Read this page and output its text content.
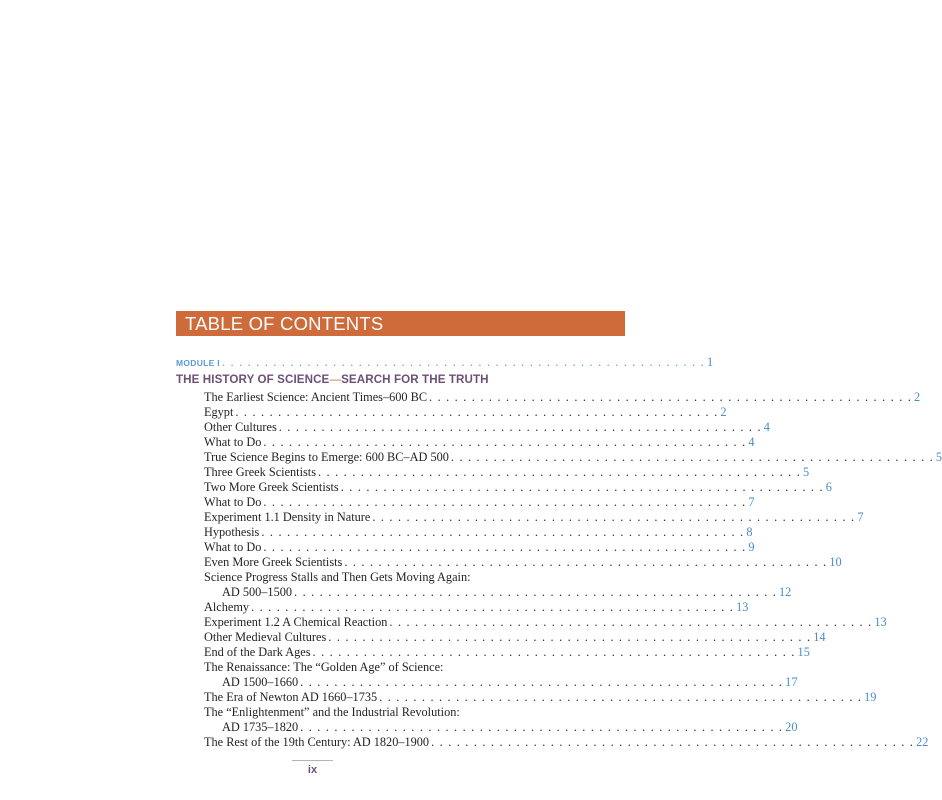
TABLE OF CONTENTS
MODULE I . . . . . . . . . . . . . . . . . . . . . . . . . . . . . . . . . . . . . . . . . . . . . . . . . . . . . . . . . 1
THE HISTORY OF SCIENCE—SEARCH FOR THE TRUTH
The Earliest Science: Ancient Times–600 BC . . . . . . . . . . . . . . . . . . . . . . . . . . . . . . . . . . . . . . . . . . . . . . . . . . . . . . . . . 2
Egypt . . . . . . . . . . . . . . . . . . . . . . . . . . . . . . . . . . . . . . . . . . . . . . . . . . . . . . . . . 2
Other Cultures . . . . . . . . . . . . . . . . . . . . . . . . . . . . . . . . . . . . . . . . . . . . . . . . . . . . . . . . . 4
What to Do . . . . . . . . . . . . . . . . . . . . . . . . . . . . . . . . . . . . . . . . . . . . . . . . . . . . . . . . . 4
True Science Begins to Emerge: 600 BC–AD 500 . . . . . . . . . . . . . . . . . . . . . . . . . . . . . . . . . . . . . . . . . . . . . . . . . . . . . . . . . 5
Three Greek Scientists . . . . . . . . . . . . . . . . . . . . . . . . . . . . . . . . . . . . . . . . . . . . . . . . . . . . . . . . . 5
Two More Greek Scientists . . . . . . . . . . . . . . . . . . . . . . . . . . . . . . . . . . . . . . . . . . . . . . . . . . . . . . . . . 6
What to Do . . . . . . . . . . . . . . . . . . . . . . . . . . . . . . . . . . . . . . . . . . . . . . . . . . . . . . . . . 7
Experiment 1.1 Density in Nature . . . . . . . . . . . . . . . . . . . . . . . . . . . . . . . . . . . . . . . . . . . . . . . . . . . . . . . . . 7
Hypothesis . . . . . . . . . . . . . . . . . . . . . . . . . . . . . . . . . . . . . . . . . . . . . . . . . . . . . . . . . 8
What to Do . . . . . . . . . . . . . . . . . . . . . . . . . . . . . . . . . . . . . . . . . . . . . . . . . . . . . . . . . 9
Even More Greek Scientists . . . . . . . . . . . . . . . . . . . . . . . . . . . . . . . . . . . . . . . . . . . . . . . . . . . . . . . . . 10
Science Progress Stalls and Then Gets Moving Again:
AD 500–1500 . . . . . . . . . . . . . . . . . . . . . . . . . . . . . . . . . . . . . . . . . . . . . . . . . . . . . . . . . 12
Alchemy . . . . . . . . . . . . . . . . . . . . . . . . . . . . . . . . . . . . . . . . . . . . . . . . . . . . . . . . . 13
Experiment 1.2 A Chemical Reaction . . . . . . . . . . . . . . . . . . . . . . . . . . . . . . . . . . . . . . . . . . . . . . . . . . . . . . . . . 13
Other Medieval Cultures . . . . . . . . . . . . . . . . . . . . . . . . . . . . . . . . . . . . . . . . . . . . . . . . . . . . . . . . . 14
End of the Dark Ages . . . . . . . . . . . . . . . . . . . . . . . . . . . . . . . . . . . . . . . . . . . . . . . . . . . . . . . . . 15
The Renaissance: The “Golden Age” of Science:
AD 1500–1660 . . . . . . . . . . . . . . . . . . . . . . . . . . . . . . . . . . . . . . . . . . . . . . . . . . . . . . . . . 17
The Era of Newton AD 1660–1735 . . . . . . . . . . . . . . . . . . . . . . . . . . . . . . . . . . . . . . . . . . . . . . . . . . . . . . . . . 19
The “Enlightenment” and the Industrial Revolution:
AD 1735–1820 . . . . . . . . . . . . . . . . . . . . . . . . . . . . . . . . . . . . . . . . . . . . . . . . . . . . . . . . . 20
The Rest of the 19th Century: AD 1820–1900 . . . . . . . . . . . . . . . . . . . . . . . . . . . . . . . . . . . . . . . . . . . . . . . . . . . . . . . . . 22
ix
